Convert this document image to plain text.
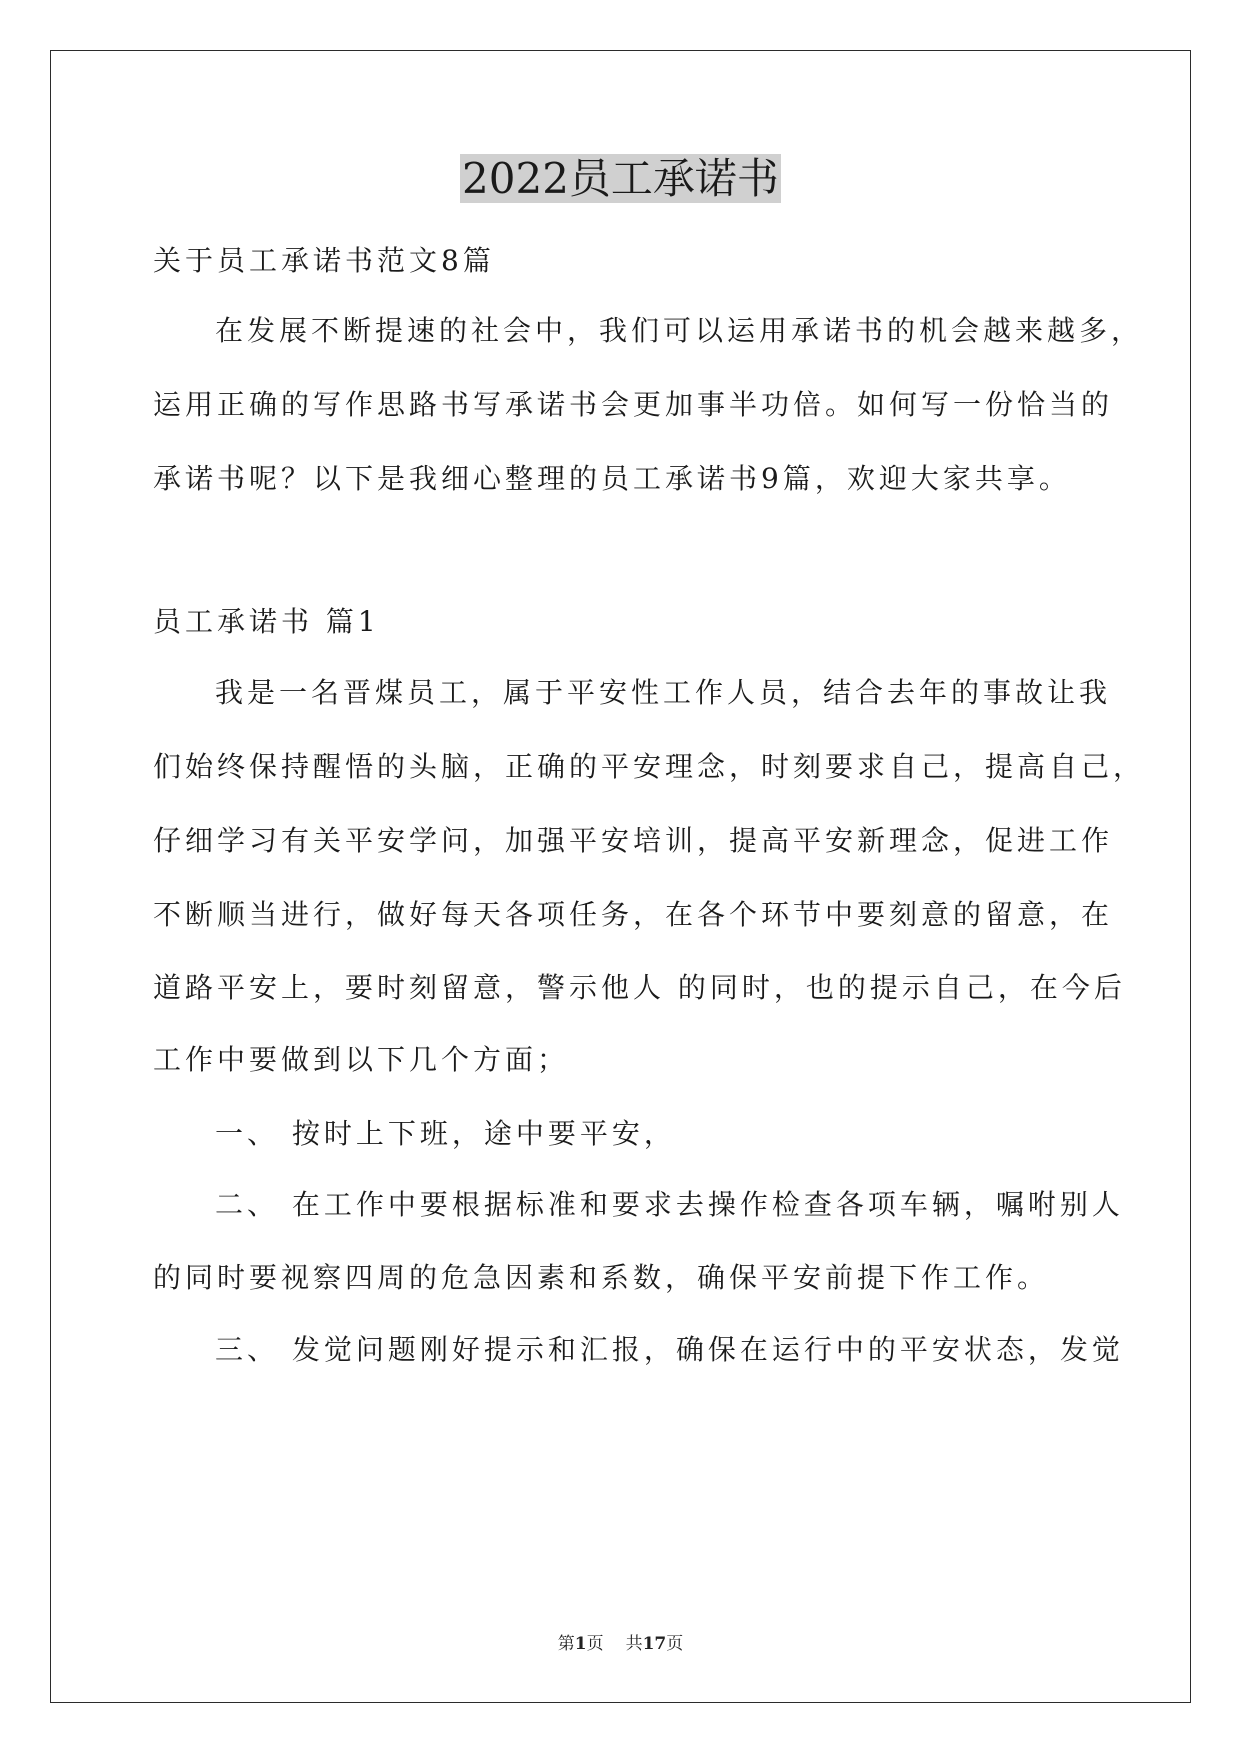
2022员工承诺书
关于员工承诺书范文8篇
在发展不断提速的社会中，我们可以运用承诺书的机会越来越多，
运用正确的写作思路书写承诺书会更加事半功倍。如何写一份恰当的
承诺书呢？以下是我细心整理的员工承诺书9篇，欢迎大家共享。
员工承诺书 篇1
我是一名晋煤员工，属于平安性工作人员，结合去年的事故让我
们始终保持醒悟的头脑，正确的平安理念，时刻要求自己，提高自己，
仔细学习有关平安学问，加强平安培训，提高平安新理念，促进工作
不断顺当进行，做好每天各项任务，在各个环节中要刻意的留意，在
道路平安上，要时刻留意，警示他人 的同时，也的提示自己，在今后
工作中要做到以下几个方面；
一、 按时上下班，途中要平安，
二、 在工作中要根据标准和要求去操作检查各项车辆，嘱咐别人
的同时要视察四周的危急因素和系数，确保平安前提下作工作。
三、 发觉问题刚好提示和汇报，确保在运行中的平安状态，发觉
第1页 共17页
